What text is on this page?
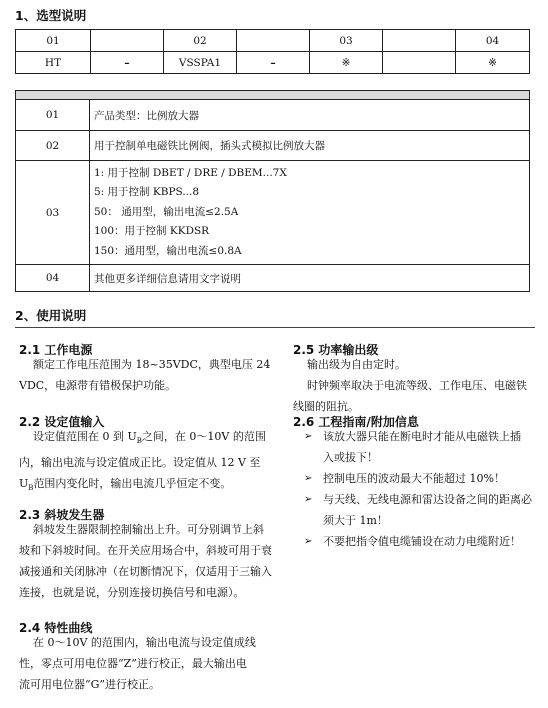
1、选型说明
01		02		03		04
HT	–	VSSPA1	–	※		※

01	产品类型：比例放大器
02	用于控制单电磁铁比例阀，插头式模拟比例放大器
03	1: 用于控制 DBET / DRE / DBEM...7X
5: 用于控制 KBPS...8
50： 通用型，输出电流≤2.5A
100：用于控制 KKDSR
150：通用型，输出电流≤0.8A

04	其他更多详细信息请用文字说明
2、使用说明
2.1 工作电源
额定工作电压范围为 18~35VDC，典型电压 24
VDC，电源带有错极保护功能。
2.2 设定值输入
设定值范围在 0 到 $U_B$之间，在 0～10V 的范围
内，输出电流与设定值成正比。设定值从 12 V 至
$U_B$范围内变化时，输出电流几乎恒定不变。
2.3 斜坡发生器
斜坡发生器限制控制输出上升。可分别调节上斜
坡和下斜坡时间。在开关应用场合中，斜坡可用于衰
减接通和关闭脉冲（在切断情况下，仅适用于三输入
连接，也就是说，分别连接切换信号和电源）。
2.4 特性曲线
在 0～10V 的范围内，输出电流与设定值成线
性，零点可用电位器“Z”进行校正，最大输出电
流可用电位器“G”进行校正。
2.5 功率输出级
输出级为自由定时。
时钟频率取决于电流等级、工作电压、电磁铁
线圈的阻抗。
2.6 工程指南/附加信息
➢ 该放大器只能在断电时才能从电磁铁上插
入或拔下！
➢ 控制电压的波动最大不能超过 10%！
➢ 与天线、无线电源和雷达设备之间的距离必
须大于 1m！
➢ 不要把指令值电缆铺设在动力电缆附近！
